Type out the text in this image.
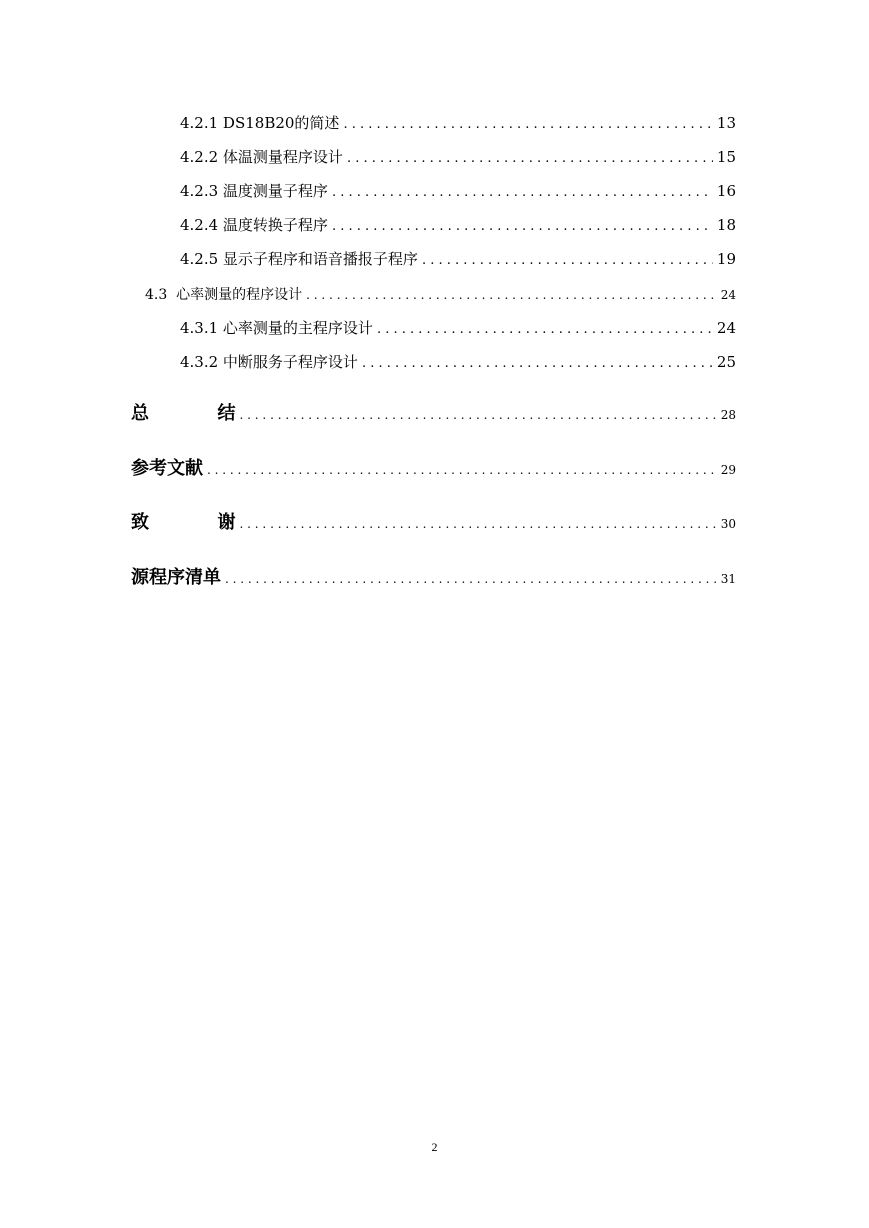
4.2.1 DS18B20的简述 . . .	13
4.2.2 体温测量程序设计 . . .	15
4.2.3 温度测量子程序 . . .	16
4.2.4 温度转换子程序 . . .	18
4.2.5 显示子程序和语音播报子程序 . . .	19
4.3  心率测量的程序设计 . . .	24
4.3.1 心率测量的主程序设计 . . .	24
4.3.2 中断服务子程序设计 . . .	25
总  结 . . .	28
参考文献 . . .	29
致  谢 . . .	30
源程序清单 . . .	31
2
